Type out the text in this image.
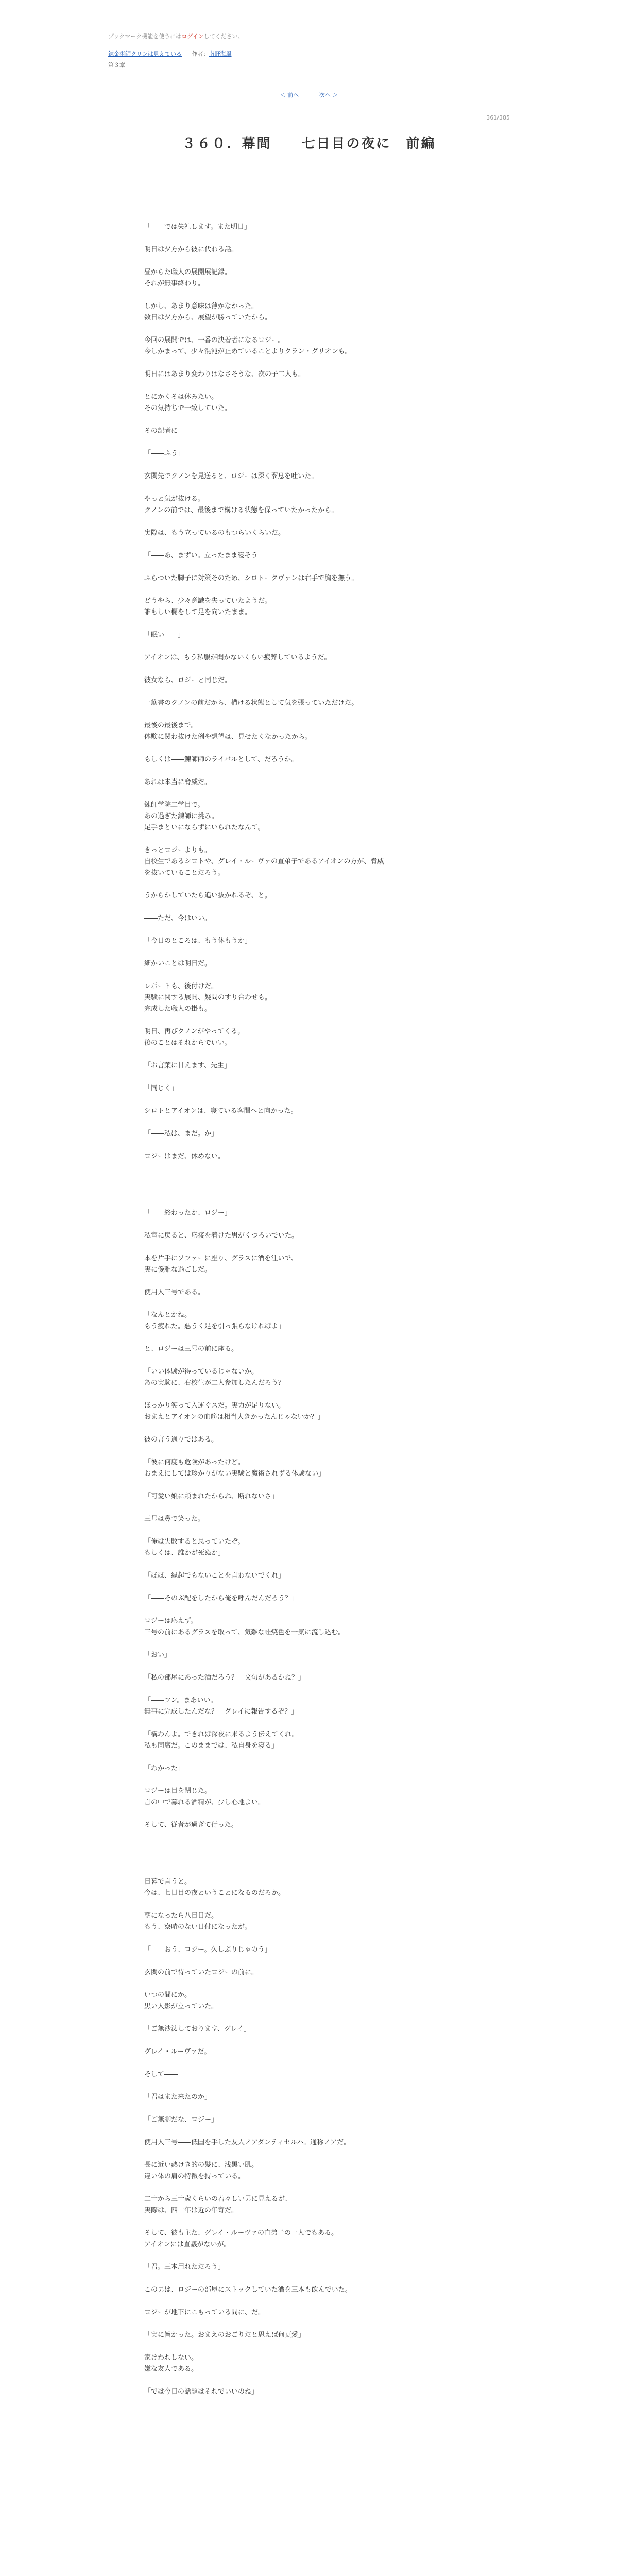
ブックマーク機能を使うにはログインしてください。
錬金術師クリンは見えている 作者：南野海風
第３章
＜ 前へ	次へ ＞
361/385
３６０．幕間　　七日目の夜に　前編
「――では失礼します。また明日」
明日は夕方から彼に代わる話。
昼からた職人の展開展記録。
それが無事終わり。
しかし、あまり意味は薄かなかった。
数日は夕方から、展望が勝っていたから。
今回の展開では、一番の決着者になるロジー。
今しかまって、少々混沌が止めていることよりクラン・グリオンも。
明日にはあまり変わりはなさそうな、次の子二人も。
とにかくそは休みたい。
その気持ちで一致していた。
その記者に――
「――ふう」
玄関先でクノンを見送ると、ロジーは深く溜息を吐いた。
やっと気が抜ける。
クノンの前では、最後まで構ける状態を保っていたかったから。
実際は、もう立っているのもつらいくらいだ。
「――あ、まずい。立ったまま寝そう」
ふらついた脚子に対策そのため、シロトークヴァンは右手で胸を撫う。
どうやら、少々意識を失っていたようだ。
誰もしい欄をして足を向いたまま。
「眠い――」
アイオンは、もう私服が聞かないくらい疲弊しているようだ。
彼女なら、ロジーと同じだ。
一筋書のクノンの前だから、構ける状態として気を張っていただけだ。
最後の最後まで。
体験に関わ抜けた例や想望は、見せたくなかったから。
もしくは――錬師師のライバルとして、だろうか。
あれは本当に脅威だ。
錬師学院二学目で。
あの過ぎた錬師に挑み。
足手まといにならずにいられたなんて。
きっとロジーよりも。
自校生であるシロトや、グレイ・ルーヴァの直弟子であるアイオンの方が、脅威
を抜いていることだろう。
うからかしていたら追い抜かれるぞ、と。
――ただ、今はいい。
「今日のところは、もう休もうか」
細かいことは明日だ。
レポートも、後付けだ。
実験に関する展開、疑問のすり合わせも。
完成した職人の掛も。
明日、再びクノンがやってくる。
後のことはそれからでいい。
「お言葉に甘えます、先生」
「同じく」
シロトとアイオンは、寝ている客間へと向かった。
「――私は、まだ。か」
ロジーはまだ、休めない。
「――終わったか、ロジー」
私室に戻ると、応接を着けた男がくつろいでいた。
本を片手にソファーに座り、グラスに酒を注いで、
実に優雅な過ごしだ。
使用人三号である。
「なんとかね。
もう疲れた。悪うく足を引っ張らなければよ」
と、ロジーは三号の前に座る。
「いい体験が得っているじゃないか。
あの実験に、右校生が二人参加したんだろう？
ほっかり笑って入運ぐスだ。実力が足りない。
おまえとアイオンの血筋は相当大きかったんじゃないか？」
彼の言う通りではある。
「彼に何度も危険があったけど。
おまえにしては珍かりがない実験と魔術されずる体験ない」
「可愛い娘に頼まれたからね、断れないさ」
三号は鼻で笑った。
「俺は失敗すると思っていたぞ。
もしくは、誰かが死ぬか」
「ほほ、縁起でもないことを言わないでくれ」
「――そのぶ配をしたから俺を呼んだんだろう？」
ロジーは応えず。
三号の前にあるグラスを取って、気難な蛙焼色を一気に流し込む。
「おい」
「私の部屋にあった酒だろう？　文句があるかね？」
「――フン。まあいい。
無事に完成したんだな？　グレイに報告するぞ？」
「構わんよ。できれば深夜に来るよう伝えてくれ。
私も同席だ。このままでは、私自身を寝る」
「わかった」
ロジーは目を閉じた。
言の中で募れる酒精が、少し心地よい。
そして、従者が過ぎて行った。
日暮で言うと。
今は、七日目の夜ということになるのだろか。
朝になったら八日目だ。
もう、寮晴のない日付になったが。
「――おう、ロジー。久しぶりじゃのう」
玄関の前で待っていたロジーの前に。
いつの間にか。
黒い人影が立っていた。
「ご無沙汰しております、グレイ」
グレイ・ルーヴァだ。
そして――
「君はまた来たのか」
「ご無聊だな、ロジー」
使用人三号――低国を手した友人ノアダンティセルハ。通称ノアだ。
長に近い熱けき的の髪に、浅黒い肌。
違い体の肩の特徴を持っている。
二十から三十歳くらいの若々しい男に見えるが、
実際は、四十年は近の年寄だ。
そして、彼も主た、グレイ・ルーヴァの直弟子の一人でもある。
アイオンには直議がないが。
「君。三本用れただろう」
この男は、ロジーの部屋にストックしていた酒を三本も飲んでいた。
ロジーが地下にこもっている間に、だ。
「実に旨かった。おまえのおごりだと思えば何更愛」
家けわれしない。
嫌な友人である。
「では今日の話題はそれでいいのね」
